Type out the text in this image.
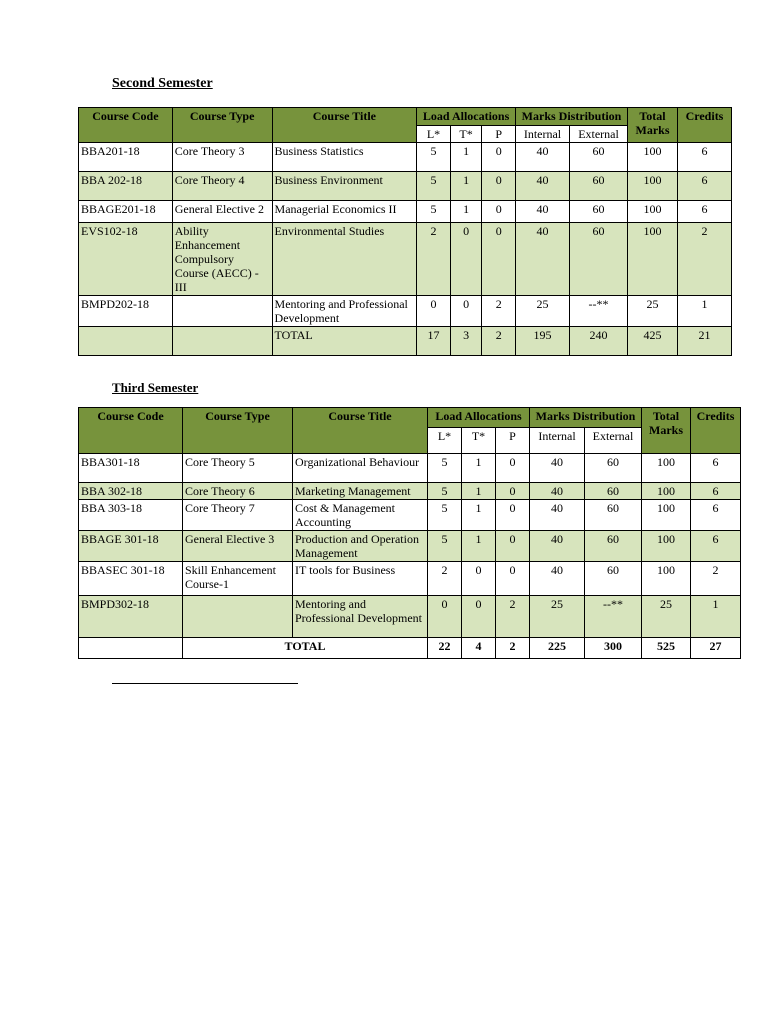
Second Semester
Course Code	Course Type	Course Title	Load Allocations			Marks Distribution		Total Marks	Credits
			L*	T*	P	Internal	External		
BBA201-18	Core Theory 3	Business Statistics	5	1	0	40	60	100	6
BBA 202-18	Core Theory 4	Business Environment	5	1	0	40	60	100	6
BBAGE201-18	General Elective 2	Managerial Economics II	5	1	0	40	60	100	6
EVS102-18	Ability Enhancement Compulsory Course (AECC) - III	Environmental Studies	2	0	0	40	60	100	2
BMPD202-18		Mentoring and Professional Development	0	0	2	25	--**	25	1
		TOTAL	17	3	2	195	240	425	21
Third Semester
Course Code	Course Type	Course Title	Load Allocations			Marks Distribution		Total Marks	Credits
			L*	T*	P	Internal	External		
BBA301-18	Core Theory 5	Organizational Behaviour	5	1	0	40	60	100	6
BBA 302-18	Core Theory 6	Marketing Management	5	1	0	40	60	100	6
BBA 303-18	Core Theory 7	Cost & Management Accounting	5	1	0	40	60	100	6
BBAGE 301-18	General Elective 3	Production and Operation Management	5	1	0	40	60	100	6
BBASEC 301-18	Skill Enhancement Course-1	IT tools for Business	2	0	0	40	60	100	2
BMPD302-18		Mentoring and Professional Development	0	0	2	25	--**	25	1
	TOTAL		22	4	2	225	300	525	27
